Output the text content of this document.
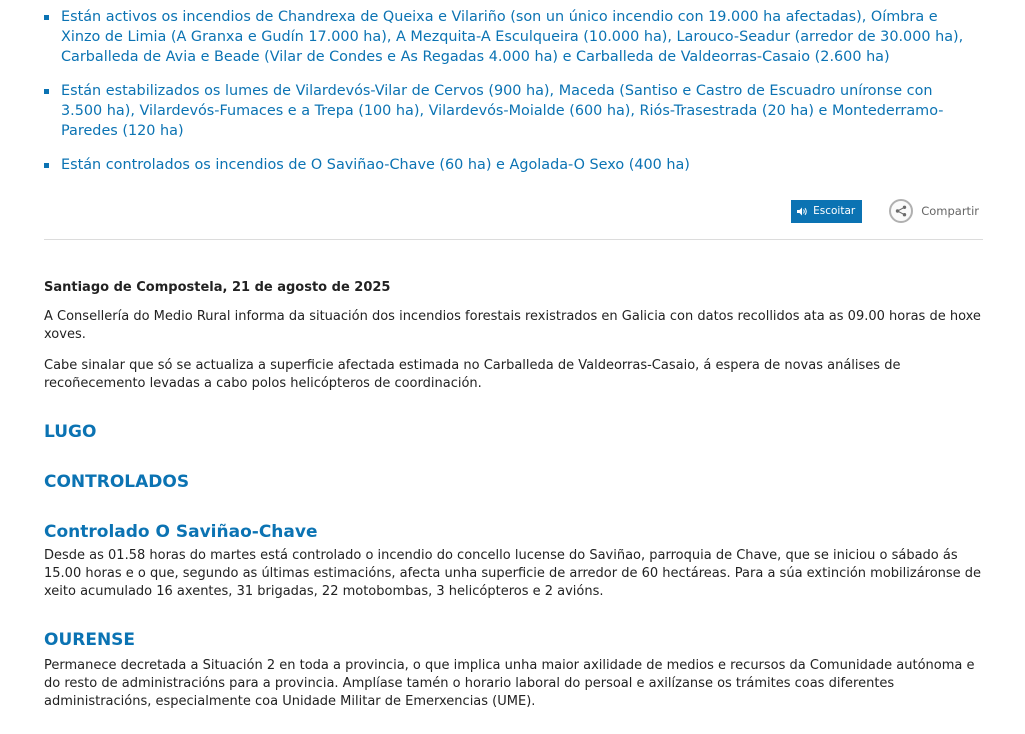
Están activos os incendios de Chandrexa de Queixa e Vilariño (son un único incendio con 19.000 ha afectadas), Oímbra e Xinzo de Limia (A Granxa e Gudín 17.000 ha), A Mezquita-A Esculqueira (10.000 ha), Larouco-Seadur (arredor de 30.000 ha), Carballeda de Avia e Beade (Vilar de Condes e As Regadas 4.000 ha) e Carballeda de Valdeorras-Casaio (2.600 ha)
Están estabilizados os lumes de Vilardevós-Vilar de Cervos (900 ha), Maceda (Santiso e Castro de Escuadro uníronse con 3.500 ha), Vilardevós-Fumaces e a Trepa (100 ha), Vilardevós-Moialde (600 ha), Riós-Trasestrada (20 ha) e Montederramo-Paredes (120 ha)
Están controlados os incendios de O Saviñao-Chave (60 ha) e Agolada-O Sexo (400 ha)
Escoitar	Compartir

Santiago de Compostela, 21 de agosto de 2025

A Consellería do Medio Rural informa da situación dos incendios forestais rexistrados en Galicia con datos recollidos ata as 09.00 horas de hoxe xoves.

Cabe sinalar que só se actualiza a superficie afectada estimada no Carballeda de Valdeorras-Casaio, á espera de novas análises de recoñecemento levadas a cabo polos helicópteros de coordinación.

LUGO
CONTROLADOS
Controlado O Saviñao-Chave

Desde as 01.58 horas do martes está controlado o incendio do concello lucense do Saviñao, parroquia de Chave, que se iniciou o sábado ás 15.00 horas e o que, segundo as últimas estimacións, afecta unha superficie de arredor de 60 hectáreas. Para a súa extinción mobilizáronse de xeito acumulado 16 axentes, 31 brigadas, 22 motobombas, 3 helicópteros e 2 avións.

OURENSE

Permanece decretada a Situación 2 en toda a provincia, o que implica unha maior axilidade de medios e recursos da Comunidade autónoma e do resto de administracións para a provincia. Amplíase tamén o horario laboral do persoal e axilízanse os trámites coas diferentes administracións, especialmente coa Unidade Militar de Emerxencias (UME).
